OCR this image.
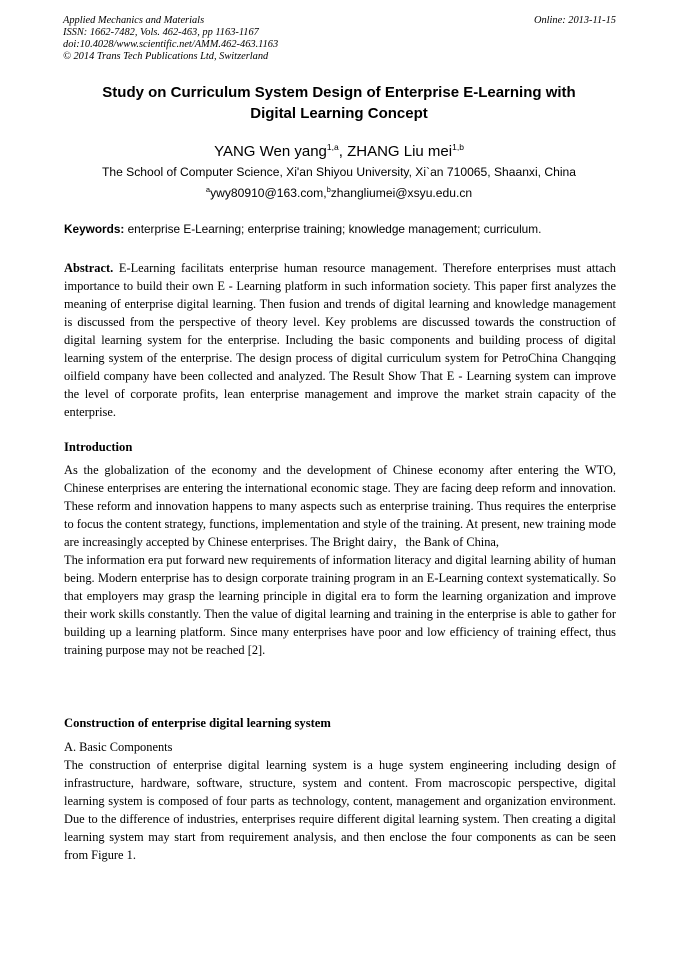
Applied Mechanics and Materials
ISSN: 1662-7482, Vols. 462-463, pp 1163-1167
doi:10.4028/www.scientific.net/AMM.462-463.1163
© 2014 Trans Tech Publications Ltd, Switzerland
Online: 2013-11-15
Study on Curriculum System Design of Enterprise E-Learning with
Digital Learning Concept
YANG Wen yang$^{1,a}$, ZHANG Liu mei$^{1,b}$
The School of Computer Science, Xi'an Shiyou University, Xi`an 710065, Shaanxi, China
$^a$ywy80910@163.com,$^b$zhangliumei@xsyu.edu.cn
Keywords: enterprise E-Learning; enterprise training; knowledge management; curriculum.

Abstract. E-Learning facilitats enterprise human resource management. Therefore enterprises must attach importance to build their own E - Learning platform in such information society. This paper first analyzes the meaning of enterprise digital learning. Then fusion and trends of digital learning and knowledge management is discussed from the perspective of theory level. Key problems are discussed towards the construction of digital learning system for the enterprise. Including the basic components and building process of digital learning system of the enterprise. The design process of digital curriculum system for PetroChina Changqing oilfield company have been collected and analyzed. The Result Show That E - Learning system can improve the level of corporate profits, lean enterprise management and improve the market strain capacity of the enterprise.

Introduction

As the globalization of the economy and the development of Chinese economy after entering the WTO, Chinese enterprises are entering the international economic stage. They are facing deep reform and innovation. These reform and innovation happens to many aspects such as enterprise training. Thus requires the enterprise to focus the content strategy, functions, implementation and style of the training. At present, new training mode are increasingly accepted by Chinese enterprises. The Bright dairy，the Bank of China,

The information era put forward new requirements of information literacy and digital learning ability of human being. Modern enterprise has to design corporate training program in an E-Learning context systematically. So that employers may grasp the learning principle in digital era to form the learning organization and improve their work skills constantly. Then the value of digital learning and training in the enterprise is able to gather for building up a learning platform. Since many enterprises have poor and low efficiency of training effect, thus training purpose may not be reached [2].

Construction of enterprise digital learning system
A. Basic Components

The construction of enterprise digital learning system is a huge system engineering including design of infrastructure, hardware, software, structure, system and content. From macroscopic perspective, digital learning system is composed of four parts as technology, content, management and organization environment. Due to the difference of industries, enterprises require different digital learning system. Then creating a digital learning system may start from requirement analysis, and then enclose the four components as can be seen from Figure 1.
